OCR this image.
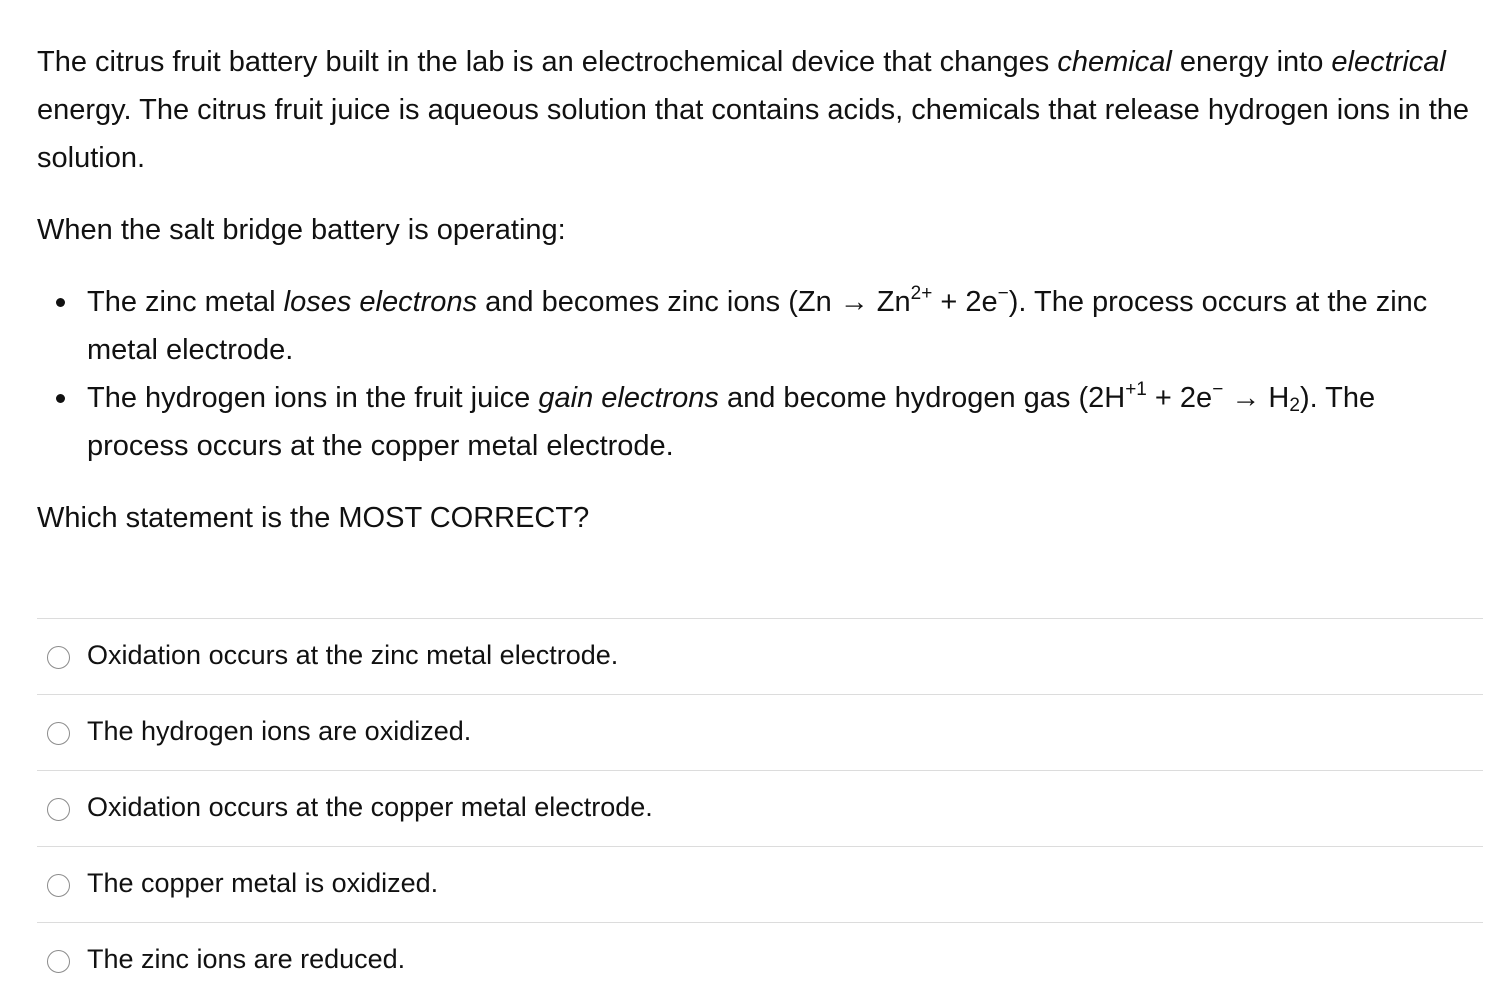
The citrus fruit battery built in the lab is an electrochemical device that changes chemical energy into electrical energy. The citrus fruit juice is aqueous solution that contains acids, chemicals that release hydrogen ions in the solution.

When the salt bridge battery is operating:

The zinc metal loses electrons and becomes zinc ions $(Zn \to Zn^{2+} + 2e^-)$. The process occurs at the zinc metal electrode.
The hydrogen ions in the fruit juice gain electrons and become hydrogen gas $(2H^{+1} + 2e^- \to H_2)$. The process occurs at the copper metal electrode.

Which statement is the MOST CORRECT?

Oxidation occurs at the zinc metal electrode.
The hydrogen ions are oxidized.
Oxidation occurs at the copper metal electrode.
The copper metal is oxidized.
The zinc ions are reduced.
